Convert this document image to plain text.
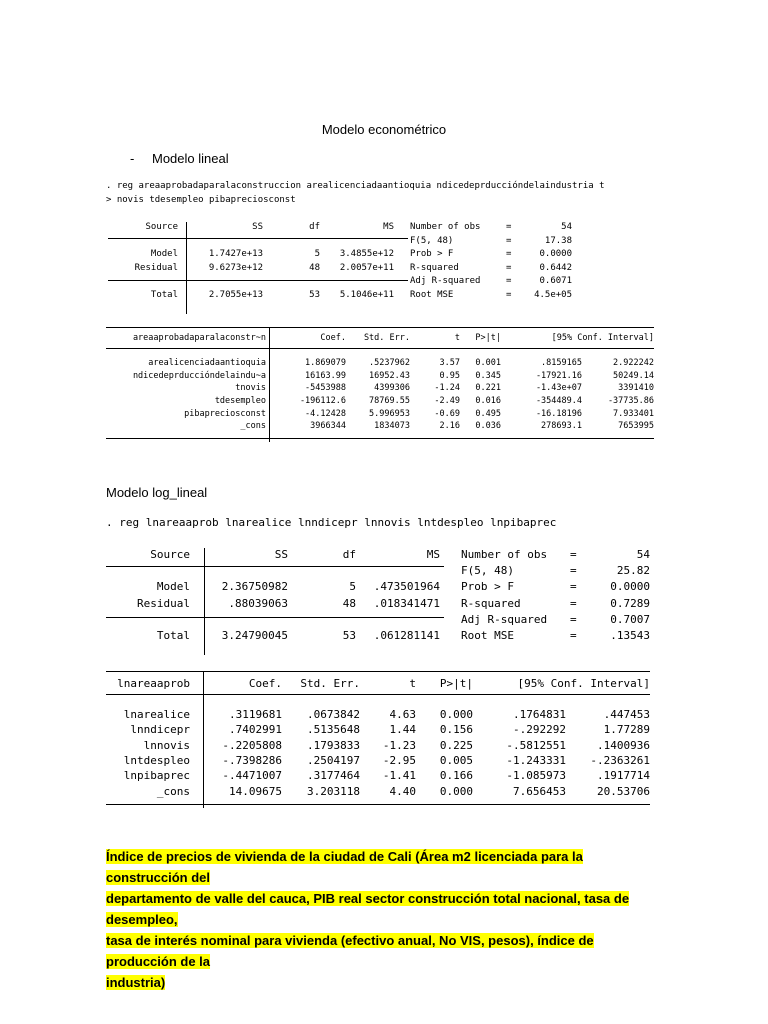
Modelo econométrico
- Modelo lineal
. reg areaaprobadaparalaconstruccion arealicenciadaantioquia ndicedeprduccióndelaindustria t
> novis tdesempleo pibapreciosconst
Source	SS	df	MS
Model	1.7427e+13	5	3.4855e+12
Residual	9.6273e+12	48	2.0057e+11
Total	2.7055e+13	53	5.1046e+11
Number of obs	=	54
F(5, 48)	=	17.38
Prob > F	=	0.0000
R-squared	=	0.6442
Adj R-squared	=	0.6071
Root MSE	=	4.5e+05
areaaprobadaparalaconstr~n	Coef.	Std. Err.	t	P>|t|	[95% Conf. Interval]
arealicenciadaantioquia	1.869079	.5237962	3.57	0.001	.8159165	2.922242
ndicedeprduccióndelaindu~a	16163.99	16952.43	0.95	0.345	-17921.16	50249.14
tnovis	-5453988	4399306	-1.24	0.221	-1.43e+07	3391410
tdesempleo	-196112.6	78769.55	-2.49	0.016	-354489.4	-37735.86
pibapreciosconst	-4.12428	5.996953	-0.69	0.495	-16.18196	7.933401
_cons	3966344	1834073	2.16	0.036	278693.1	7653995
Modelo log_lineal
. reg lnareaaprob lnarealice lnndicepr lnnovis lntdespleo lnpibaprec
Source	SS	df	MS
Model	2.36750982	5	.473501964
Residual	.88039063	48	.018341471
Total	3.24790045	53	.061281141
Number of obs =	54
F(5, 48)	=	25.82
Prob > F	=	0.0000
R-squared	=	0.7289
Adj R-squared =	0.7007
Root MSE	=	.13543
lnareaaprob	Coef.	Std. Err.	t	P>|t|	[95% Conf. Interval]
lnarealice	.3119681	.0673842	4.63	0.000	.1764831	.447453
lnndicepr	.7402991	.5135648	1.44	0.156	-.292292	1.77289
lnnovis	-.2205808	.1793833	-1.23	0.225	-.5812551	.1400936
lntdespleo	-.7398286	.2504197	-2.95	0.005	-1.243331	-.2363261
lnpibaprec	-.4471007	.3177464	-1.41	0.166	-1.085973	.1917714
_cons	14.09675	3.203118	4.40	0.000	7.656453	20.53706
Índice de precios de vivienda de la ciudad de Cali (Área m2 licenciada para la construcción del
departamento de valle del cauca, PIB real sector construcción total nacional, tasa de desempleo,
tasa de interés nominal para vivienda (efectivo anual, No VIS, pesos), índice de producción de la
industria)
